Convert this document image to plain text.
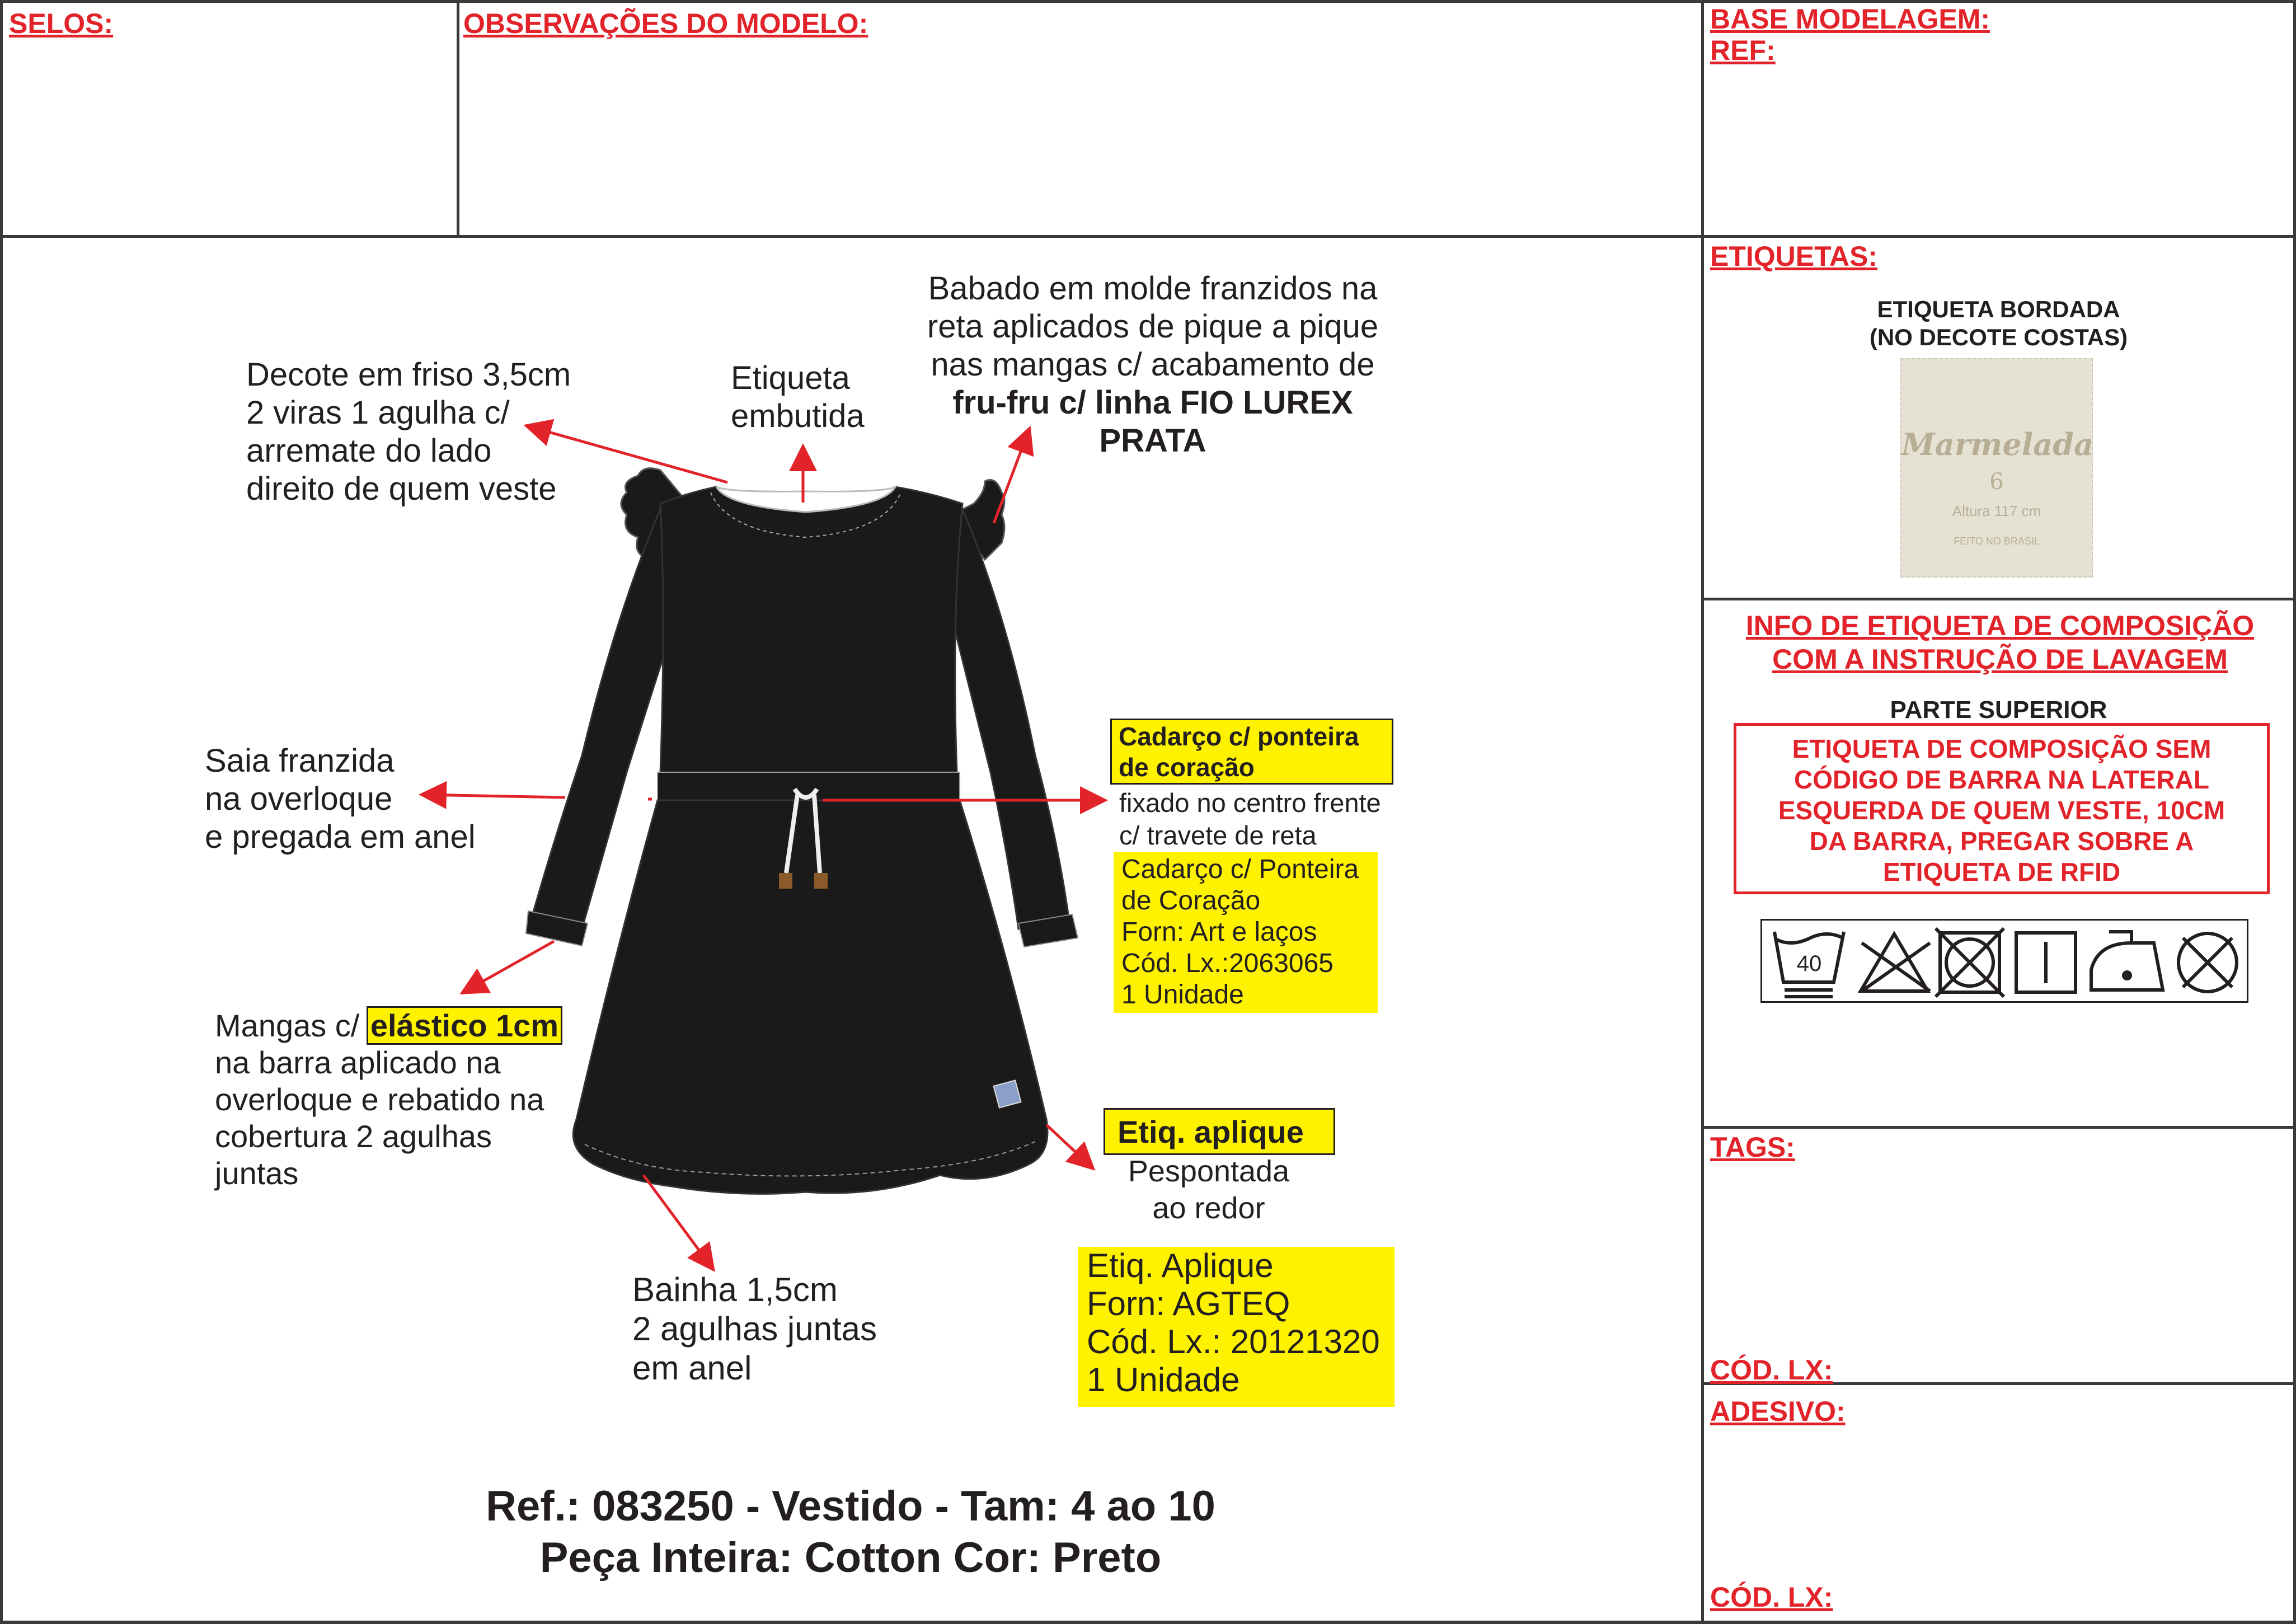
SELOS:	OBSERVAÇÕES DO MODELO:	BASE MODELAGEM:
REF:
ETIQUETAS:
INFO DE ETIQUETA DE COMPOSIÇÃO
COM A INSTRUÇÃO DE LAVAGEM
TAGS:
CÓD. LX:
ADESIVO:
CÓD. LX:
ETIQUETA BORDADA
(NO DECOTE COSTAS)
Marmelada
6
Altura 117 cm
FEITO NO BRASIL
PARTE SUPERIOR
ETIQUETA DE COMPOSIÇÃO SEM
CÓDIGO DE BARRA NA LATERAL
ESQUERDA DE QUEM VESTE, 10CM
DA BARRA, PREGAR SOBRE A
ETIQUETA DE RFID
40
Decote em friso 3,5cm
2 viras 1 agulha c/
arremate do lado
direito de quem veste
Etiqueta
embutida
Babado em molde franzidos na
reta aplicados de pique a pique
nas mangas c/ acabamento de
fru-fru c/ linha FIO LUREX
PRATA
Saia franzida
na overloque
e pregada em anel
Cadarço c/ ponteira
de coração
fixado no centro frente
c/ travete de reta
Cadarço c/ Ponteira
de Coração
Forn: Art e laços
Cód. Lx.:2063065
1 Unidade
Mangas c/ elástico 1cm
na barra aplicado na
overloque e rebatido na
cobertura 2 agulhas
juntas
Etiq. aplique
Pespontada
ao redor
Etiq. Aplique
Forn: AGTEQ
Cód. Lx.: 20121320
1 Unidade
Bainha 1,5cm
2 agulhas juntas
em anel
Ref.: 083250 - Vestido - Tam: 4 ao 10
Peça Inteira: Cotton Cor: Preto
